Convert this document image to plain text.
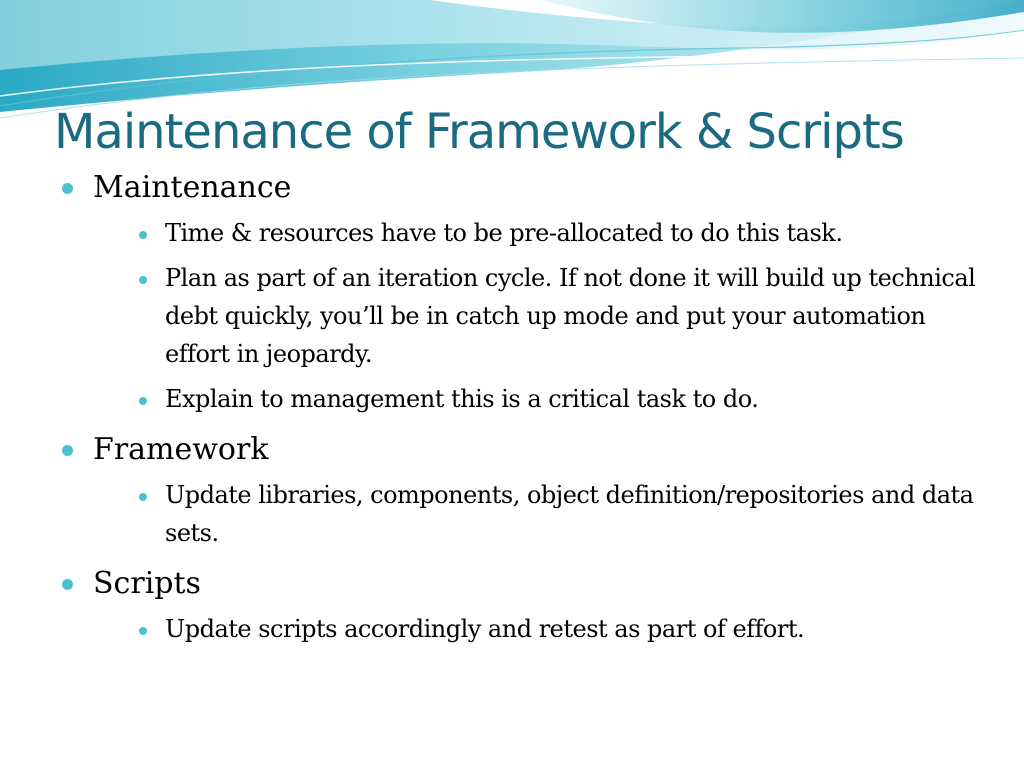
Maintenance of Framework & Scripts
Maintenance
Time & resources have to be pre-allocated to do this task.
Plan as part of an iteration cycle. If not done it will build up technical debt quickly, you’ll be in catch up mode and put your automation effort in jeopardy.
Explain to management this is a critical task to do.
Framework
Update libraries, components, object definition/repositories and data sets.
Scripts
Update scripts accordingly and retest as part of effort.
